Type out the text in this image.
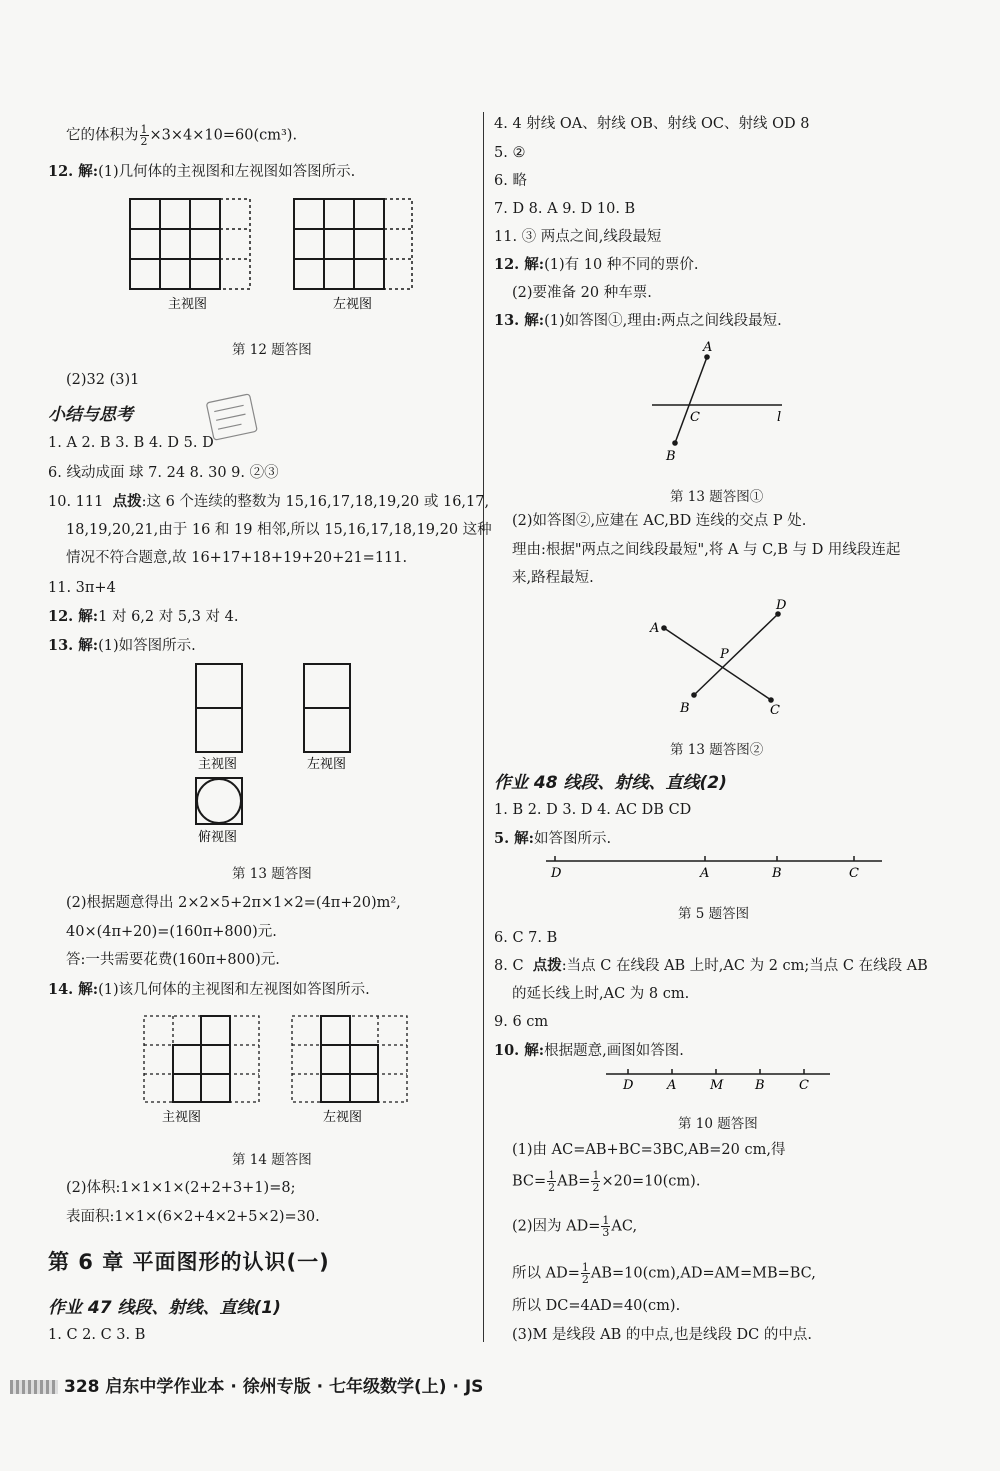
它的体积为 $\frac{1}{2} \times 3\times 4\times 10=60(cm^3)$.
12. 解:(1)几何体的主视图和左视图如答图所示.
主视图	左视图
第 12 题答图
(2)32 (3)1
小结与思考
1. A 2. B 3. B 4. D 5. D
6. 线动成面 球 7. 24 8. 30 9. ②③
10. 111 点拨:这 6 个连续的整数为 15,16,17,18,19,20 或 16,17,
18,19,20,21,由于 16 和 19 相邻,所以 15,16,17,18,19,20 这种
情况不符合题意,故 16+17+18+19+20+21=111.
11. 3π+4
12. 解:1 对 6,2 对 5,3 对 4.
13. 解:(1)如答图所示.
主视图	左视图
俯视图
第 13 题答图
(2)根据题意得出 2×2×5+2π×1×2=(4π+20)m²,
40×(4π+20)=(160π+800)元.
答:一共需要花费(160π+800)元.
14. 解:(1)该几何体的主视图和左视图如答图所示.
主视图	左视图
第 14 题答图
(2)体积:1×1×1×(2+2+3+1)=8;
表面积:1×1×(6×2+4×2+5×2)=30.
第 6 章 平面图形的认识(一)
作业 47 线段、射线、直线(1)
1. C 2. C 3. B
4. 4 射线 OA、射线 OB、射线 OC、射线 OD 8
5. ②
6. 略
7. D 8. A 9. D 10. B
11. ③ 两点之间,线段最短
12. 解:(1)有 10 种不同的票价.
(2)要准备 20 种车票.
13. 解:(1)如答图①,理由:两点之间线段最短.
A
C	l
B
第 13 题答图①
(2)如答图②,应建在 AC,BD 连线的交点 P 处.
理由:根据"两点之间线段最短",将 A 与 C,B 与 D 用线段连起
来,路程最短.
A
B	C
D
P
第 13 题答图②
作业 48 线段、射线、直线(2)
1. B 2. D 3. D 4. AC DB CD
5. 解:如答图所示.
D	A	B	C
第 5 题答图
6. C 7. B
8. C 点拨:当点 C 在线段 AB 上时,AC 为 2 cm;当点 C 在线段 AB
的延长线上时,AC 为 8 cm.
9. 6 cm
10. 解:根据题意,画图如答图.
D	A	M B	C
第 10 题答图
(1)由 AC=AB+BC=3BC,AB=20 cm,得
$BC= \frac{1}{2} AB= \frac{1}{2} \times 20=10(cm)$.
(2)因为 $AD= \frac{1}{3}$ AC,
所以 $AD= \frac{1}{2} AB=10(cm),AD=AM=MB=BC$,
所以 DC=4AD=40(cm).
(3)M 是线段 AB 的中点,也是线段 DC 的中点.
328 启东中学作业本 · 徐州专版 · 七年级数学(上) · JS
